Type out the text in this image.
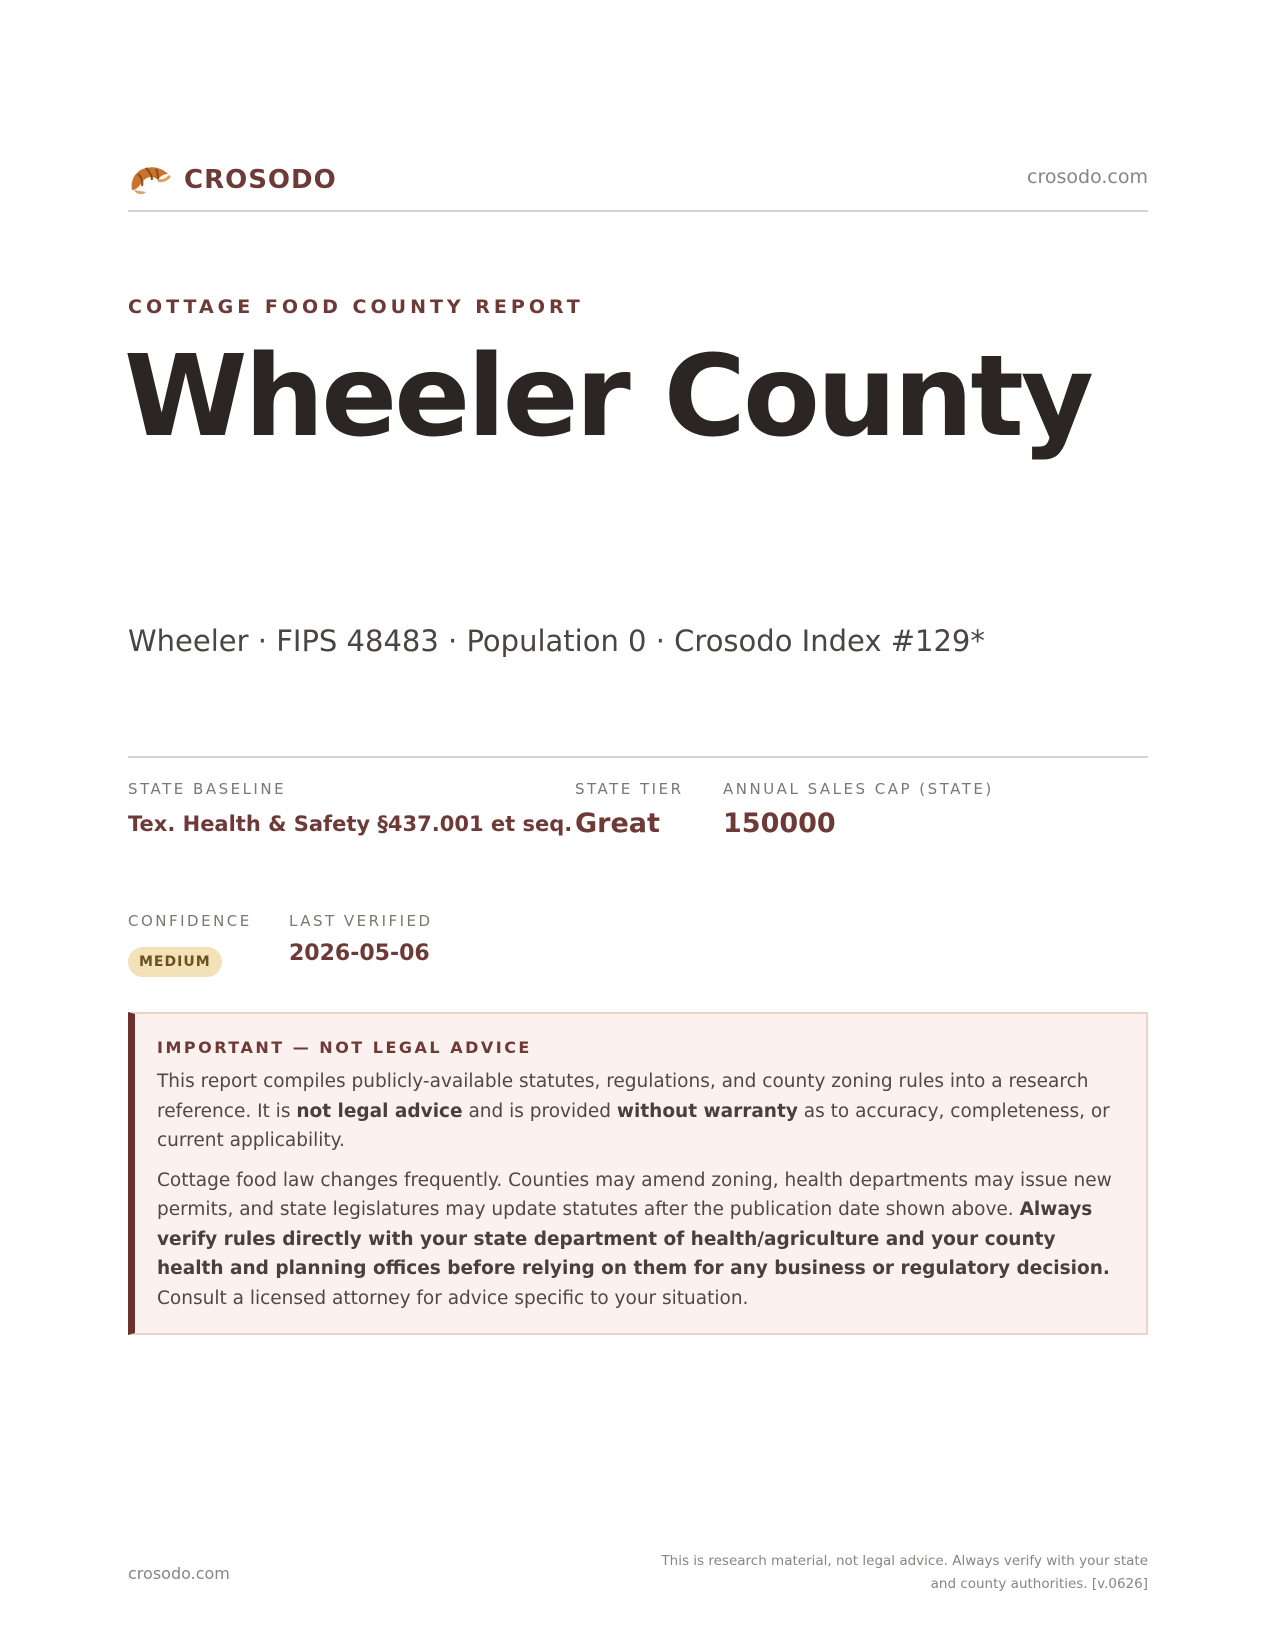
CROSODO	crosodo.com
COTTAGE FOOD COUNTY REPORT
Wheeler County
Wheeler · FIPS 48483 · Population 0 · Crosodo Index #129*
STATE BASELINE
Tex. Health & Safety §437.001 et seq.
STATE TIER
Great
ANNUAL SALES CAP (STATE)
150000
CONFIDENCE
MEDIUM
LAST VERIFIED
2026-05-06
IMPORTANT — NOT LEGAL ADVICE

This report compiles publicly-available statutes, regulations, and county zoning rules into a research reference. It is not legal advice and is provided without warranty as to accuracy, completeness, or current applicability.

Cottage food law changes frequently. Counties may amend zoning, health departments may issue new permits, and state legislatures may update statutes after the publication date shown above. Always verify rules directly with your state department of health/agriculture and your county health and planning offices before relying on them for any business or regulatory decision. Consult a licensed attorney for advice specific to your situation.

crosodo.com
This is research material, not legal advice. Always verify with your state
and county authorities. [v.0626]
